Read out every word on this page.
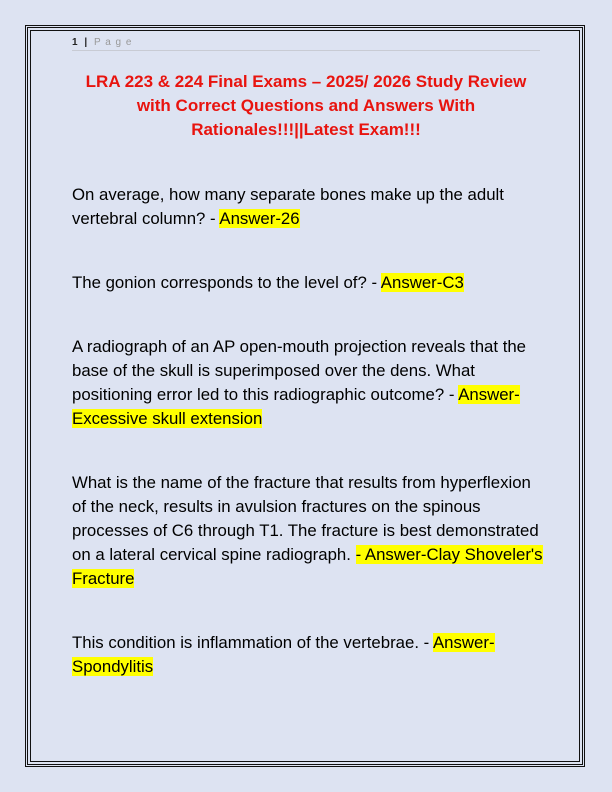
1 | P a g e
LRA 223 & 224 Final Exams – 2025/ 2026 Study Review
with Correct Questions and Answers With
Rationales!!!||Latest Exam!!!
On average, how many separate bones make up the adult vertebral column? - Answer-26
The gonion corresponds to the level of? - Answer-C3
A radiograph of an AP open-mouth projection reveals that the base of the skull is superimposed over the dens. What positioning error led to this radiographic outcome? - Answer-Excessive skull extension
What is the name of the fracture that results from hyperflexion of the neck, results in avulsion fractures on the spinous processes of C6 through T1. The fracture is best demonstrated on a lateral cervical spine radiograph. - Answer-Clay Shoveler's Fracture
This condition is inflammation of the vertebrae. - Answer-Spondylitis
